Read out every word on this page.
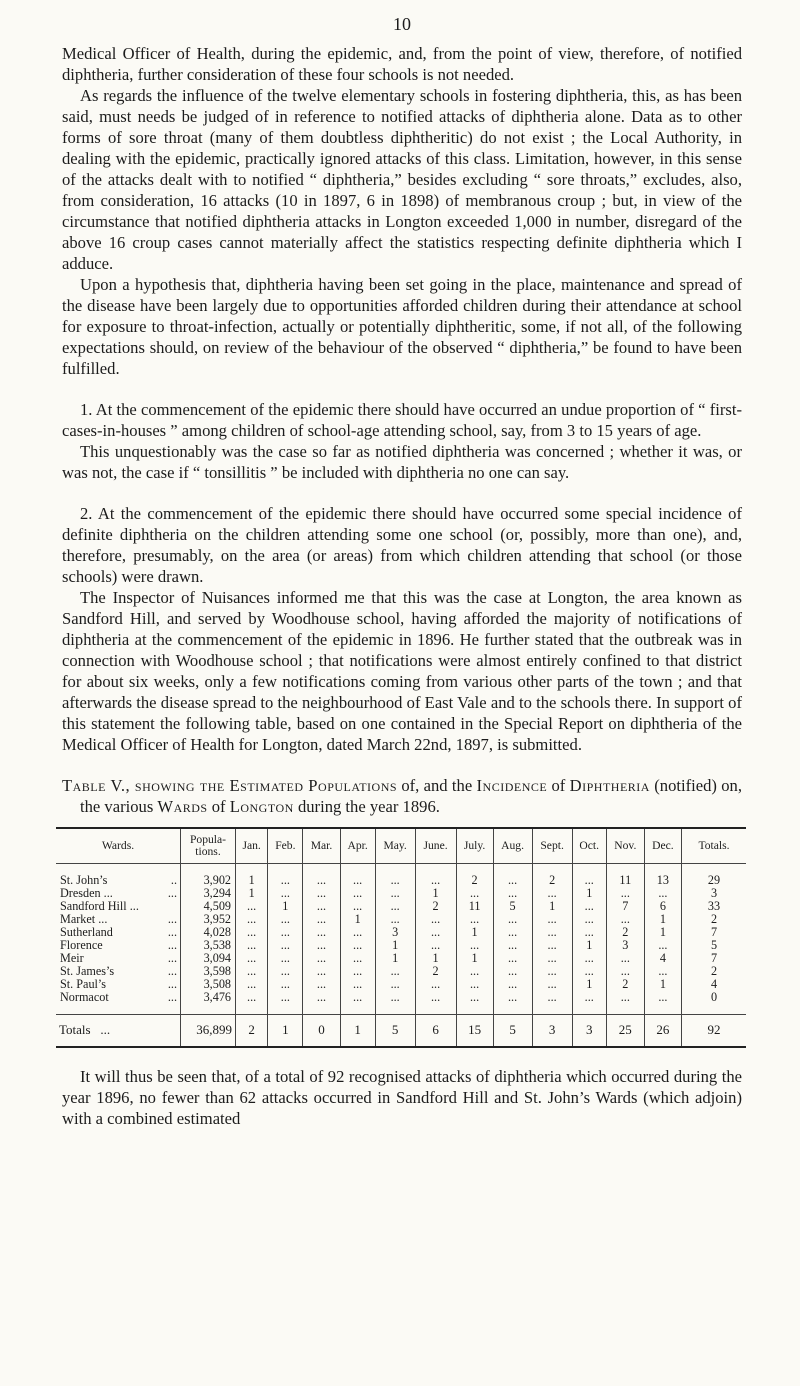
10

Medical Officer of Health, during the epidemic, and, from the point of view, therefore, of notified diphtheria, further consideration of these four schools is not needed.

As regards the influence of the twelve elementary schools in fostering diphtheria, this, as has been said, must needs be judged of in reference to notified attacks of diphtheria alone. Data as to other forms of sore throat (many of them doubtless diphtheritic) do not exist ; the Local Authority, in dealing with the epidemic, practically ignored attacks of this class. Limitation, however, in this sense of the attacks dealt with to notified “ diphtheria,” besides excluding “ sore throats,” excludes, also, from consideration, 16 attacks (10 in 1897, 6 in 1898) of membranous croup ; but, in view of the circumstance that notified diphtheria attacks in Longton exceeded 1,000 in number, disregard of the above 16 croup cases cannot materially affect the statistics respecting definite diphtheria which I adduce.

Upon a hypothesis that, diphtheria having been set going in the place, maintenance and spread of the disease have been largely due to opportunities afforded children during their attendance at school for exposure to throat-infection, actually or potentially diphtheritic, some, if not all, of the following expectations should, on review of the behaviour of the observed “ diphtheria,” be found to have been fulfilled.

1. At the commencement of the epidemic there should have occurred an undue proportion of “ first-cases-in-houses ” among children of school-age attending school, say, from 3 to 15 years of age.

This unquestionably was the case so far as notified diphtheria was concerned ; whether it was, or was not, the case if “ tonsillitis ” be included with diphtheria no one can say.

2. At the commencement of the epidemic there should have occurred some special incidence of definite diphtheria on the children attending some one school (or, possibly, more than one), and, therefore, presumably, on the area (or areas) from which children attending that school (or those schools) were drawn.

The Inspector of Nuisances informed me that this was the case at Longton, the area known as Sandford Hill, and served by Woodhouse school, having afforded the majority of notifications of diphtheria at the commencement of the epidemic in 1896. He further stated that the outbreak was in connection with Woodhouse school ; that notifications were almost entirely confined to that district for about six weeks, only a few notifications coming from various other parts of the town ; and that afterwards the disease spread to the neighbourhood of East Vale and to the schools there. In support of this statement the following table, based on one contained in the Special Report on diphtheria of the Medical Officer of Health for Longton, dated March 22nd, 1897, is submitted.

Table V., showing the Estimated Populations of, and the Incidence of Diphtheria (notified) on, the various Wards of Longton during the year 1896.

Wards.	Popula-tions.	Jan.	Feb.	Mar.	Apr.	May.	June.	July.	Aug.	Sept.	Oct.	Nov.	Dec.	Totals.
St. John’s ..	3,902	1	...	...	...	...	...	2	...	2	...	11	13	29
Dresden ... ...	3,294	1	...	...	...	...	1	...	...	...	1	...	...	3
Sandford Hill ...	4,509	...	1	...	...	...	2	11	5	1	...	7	6	33
Market ... ...	3,952	...	...	...	1	...	...	...	...	...	...	...	1	2
Sutherland ...	4,028	...	...	...	...	3	...	1	...	...	...	2	1	7
Florence ...	3,538	...	...	...	...	1	...	...	...	...	1	3	...	5
Meir ...	3,094	...	...	...	...	1	1	1	...	...	...	...	4	7
St. James’s ...	3,598	...	...	...	...	...	2	...	...	...	...	...	...	2
St. Paul’s ...	3,508	...	...	...	...	...	...	...	...	...	1	2	1	4
Normacot ...	3,476	...	...	...	...	...	...	...	...	...	...	...	...	0
Totals ...	36,899	2	1	0	1	5	6	15	5	3	3	25	26	92

It will thus be seen that, of a total of 92 recognised attacks of diphtheria which occurred during the year 1896, no fewer than 62 attacks occurred in Sandford Hill and St. John’s Wards (which adjoin) with a combined estimated
